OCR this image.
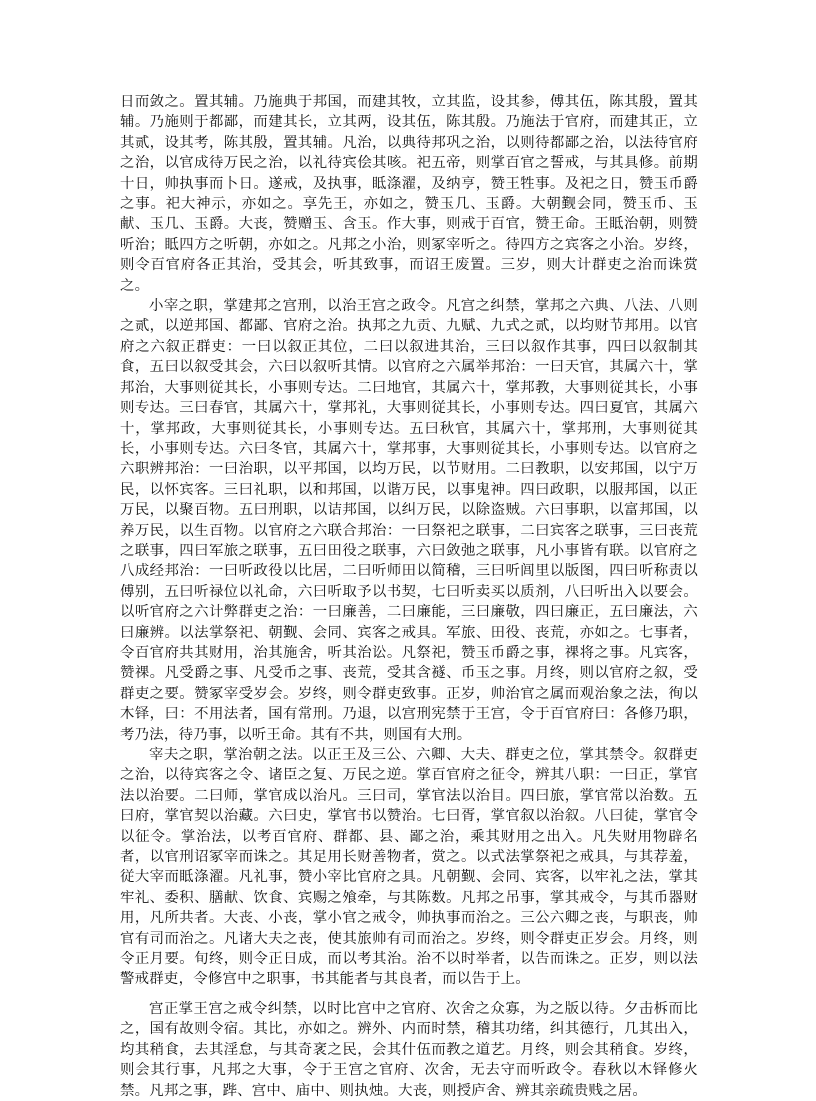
日而敛之。置其辅。乃施典于邦国，而建其牧，立其监，设其参，傅其伍，陈其殷，置其辅。乃施则于都鄙，而建其长，立其两，设其伍，陈其殷。乃施法于官府，而建其正，立其贰，设其考，陈其殷，置其辅。凡治，以典待邦巩之治，以则待都鄙之治，以法待官府之治，以官成待万民之治，以礼待宾侩其咳。祀五帝，则掌百官之誓戒，与其具修。前期十日，帅执事而卜日。遂戒，及执事，眡涤濯，及纳亨，赞王牲事。及祀之日，赞玉币爵之事。祀大神示，亦如之。享先王，亦如之，赞玉几、玉爵。大朝觐会同，赞玉币、玉献、玉几、玉爵。大丧，赞赠玉、含玉。作大事，则戒于百官，赞王命。王眡治朝，则赞听治；眡四方之听朝，亦如之。凡邦之小治，则冢宰听之。待四方之宾客之小治。岁终，则令百官府各正其治，受其会，听其致事，而诏王废置。三岁，则大计群吏之治而诛赏之。

小宰之职，掌建邦之宫刑，以治王宫之政令。凡宫之纠禁，掌邦之六典、八法、八则之贰，以逆邦国、都鄙、官府之治。执邦之九贡、九赋、九式之贰，以均财节邦用。以官府之六叙正群吏：一曰以叙正其位，二曰以叙进其治，三曰以叙作其事，四曰以叙制其食，五曰以叙受其会，六曰以叙听其情。以官府之六属举邦治：一曰天官，其属六十，掌邦治，大事则従其长，小事则专达。二曰地官，其属六十，掌邦教，大事则従其长，小事则专达。三曰春官，其属六十，掌邦礼，大事则従其长，小事则专达。四曰夏官，其属六十，掌邦政，大事则従其长，小事则专达。五曰秋官，其属六十，掌邦刑，大事则従其长，小事则专达。六曰冬官，其属六十，掌邦事，大事则従其长，小事则专达。以官府之六职辨邦治：一曰治职，以平邦国，以均万民，以节财用。二曰教职，以安邦国，以宁万民，以怀宾客。三曰礼职，以和邦国，以谐万民，以事鬼神。四曰政职，以服邦国，以正万民，以聚百物。五曰刑职，以诘邦国，以纠万民，以除盗贼。六曰事职，以富邦国，以养万民，以生百物。以官府之六联合邦治：一曰祭祀之联事，二曰宾客之联事，三曰丧荒之联事，四曰军旅之联事，五曰田役之联事，六曰敛弛之联事，凡小事皆有联。以官府之八成经邦治：一曰听政役以比居，二曰听师田以简稽，三曰听闾里以版图，四曰听称责以傅别，五曰听禄位以礼命，六曰听取予以书契，七曰听卖买以质剂，八曰听出入以要会。以听官府之六计弊群吏之治：一曰廉善，二曰廉能，三曰廉敬，四曰廉正，五曰廉法，六曰廉辨。以法掌祭祀、朝觐、会同、宾客之戒具。军旅、田役、丧荒，亦如之。七事者，令百官府共其财用，治其施舍，听其治讼。凡祭祀，赞玉币爵之事，祼将之事。凡宾客，赞祼。凡受爵之事、凡受币之事、丧荒，受其含襚、币玉之事。月终，则以官府之叙，受群吏之要。赞冢宰受岁会。岁终，则令群吏致事。正岁，帅治官之属而观治象之法，徇以木铎，曰：不用法者，国有常刑。乃退，以宫刑宪禁于王宫，令于百官府曰：各修乃职，考乃法，待乃事，以听王命。其有不共，则国有大刑。

宰夫之职，掌治朝之法。以正王及三公、六卿、大夫、群吏之位，掌其禁令。叙群吏之治，以待宾客之令、诸臣之复、万民之逆。掌百官府之征令，辨其八职：一曰正，掌官法以治要。二曰师，掌官成以治凡。三曰司，掌官法以治目。四曰旅，掌官常以治数。五曰府，掌官契以治藏。六曰史，掌官书以赞治。七曰胥，掌官叙以治叙。八曰徒，掌官令以征令。掌治法，以考百官府、群都、县、鄙之治，乘其财用之出入。凡失财用物辟名者，以官刑诏冢宰而诛之。其足用长财善物者，赏之。以式法掌祭祀之戒具，与其荐羞，従大宰而眡涤濯。凡礼事，赞小宰比官府之具。凡朝觐、会同、宾客，以牢礼之法，掌其牢礼、委积、膳献、饮食、宾赐之飧牵，与其陈数。凡邦之吊事，掌其戒令，与其币器财用，凡所共者。大丧、小丧，掌小官之戒令，帅执事而治之。三公六卿之丧，与职丧，帅官有司而治之。凡诸大夫之丧，使其旅帅有司而治之。岁终，则令群吏正岁会。月终，则令正月要。旬终，则令正日成，而以考其治。治不以时举者，以告而诛之。正岁，则以法警戒群吏，令修宫中之职事，书其能者与其良者，而以告于上。

宫正掌王宫之戒令纠禁，以时比宫中之官府、次舍之众寡，为之版以待。夕击柝而比之，国有故则令宿。其比，亦如之。辨外、内而时禁，稽其功绪，纠其德行，几其出入，均其稍食，去其淫怠，与其奇衺之民，会其什伍而教之道艺。月终，则会其稍食。岁终，则会其行事，凡邦之大事，令于王宫之官府、次舍，无去守而听政令。春秋以木铎修火禁。凡邦之事，跸、宫中、庙中、则执烛。大丧，则授庐舍、辨其亲疏贵贱之居。
